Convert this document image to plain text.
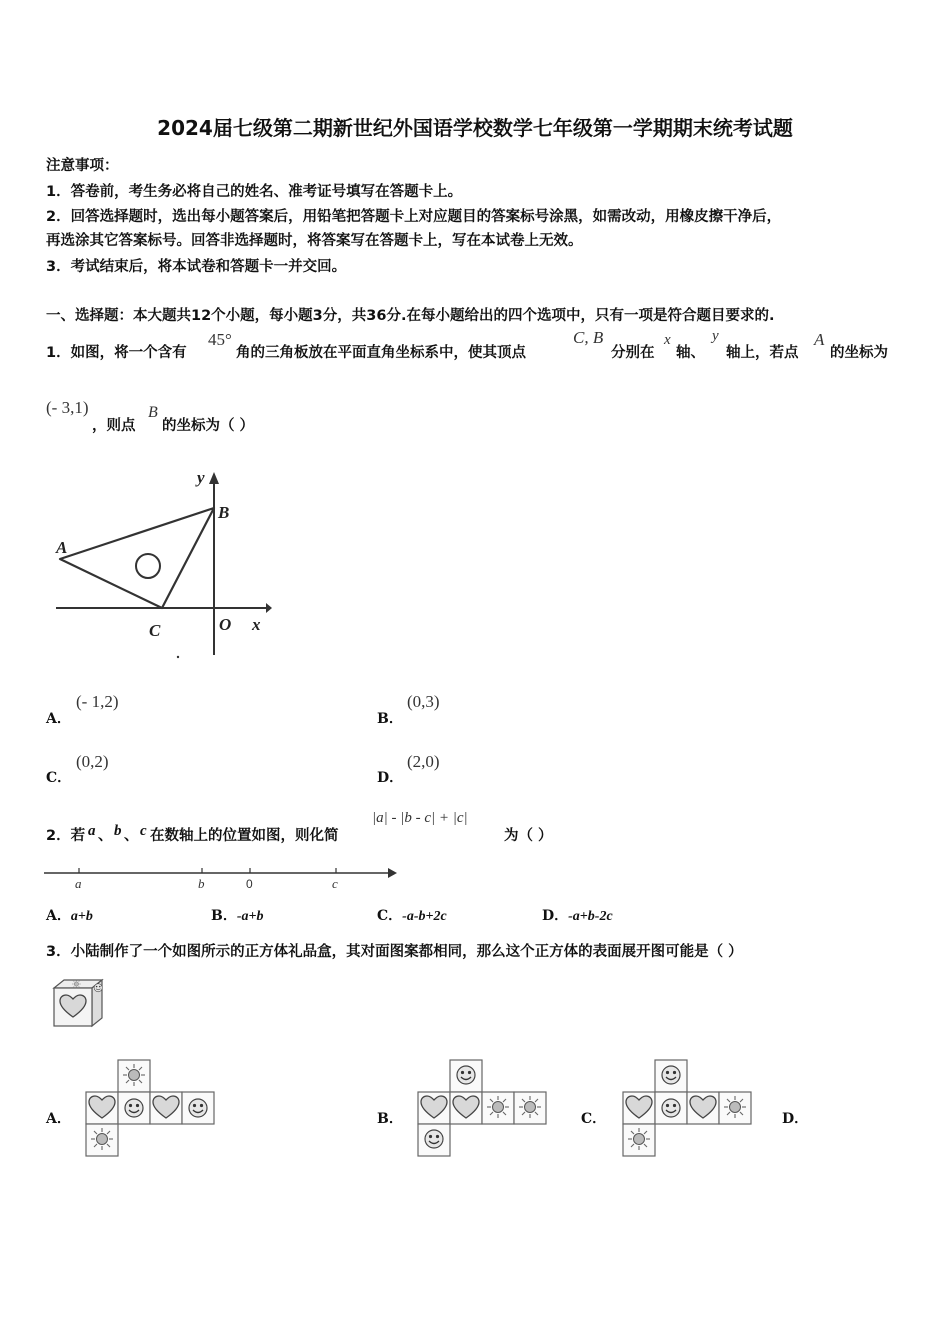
2024届七级第二期新世纪外国语学校数学七年级第一学期期末统考试题
注意事项：
1．答卷前，考生务必将自己的姓名、准考证号填写在答题卡上。
2．回答选择题时，选出每小题答案后，用铅笔把答题卡上对应题目的答案标号涂黑，如需改动，用橡皮擦干净后，
再选涂其它答案标号。回答非选择题时，将答案写在答题卡上，写在本试卷上无效。
3．考试结束后，将本试卷和答题卡一并交回。
一、选择题：本大题共12个小题，每小题3分，共36分.在每小题给出的四个选项中，只有一项是符合题目要求的.
1．如图，将一个含有
45°
角的三角板放在平面直角坐标系中，使其顶点
C, B
分别在
x
轴、
y
轴上，若点
A
的坐标为
(- 3,1)
，则点
B
的坐标为（ ）
y
B
A
C	O x
A．
(- 1,2)
B．
(0,3)
C．
(0,2)
D．
(2,0)
2．若 a 、 b 、 c 在数轴上的位置如图，则化简
|a| - |b - c| + |c|
为（ ）
a	b	0	c
A．a+b	B．-a+b	C．-a-b+2c	D．-a+b-2c
3．小陆制作了一个如图所示的正方体礼品盒，其对面图案都相同，那么这个正方体的表面展开图可能是（ ）
A．	B．	C．	D．
